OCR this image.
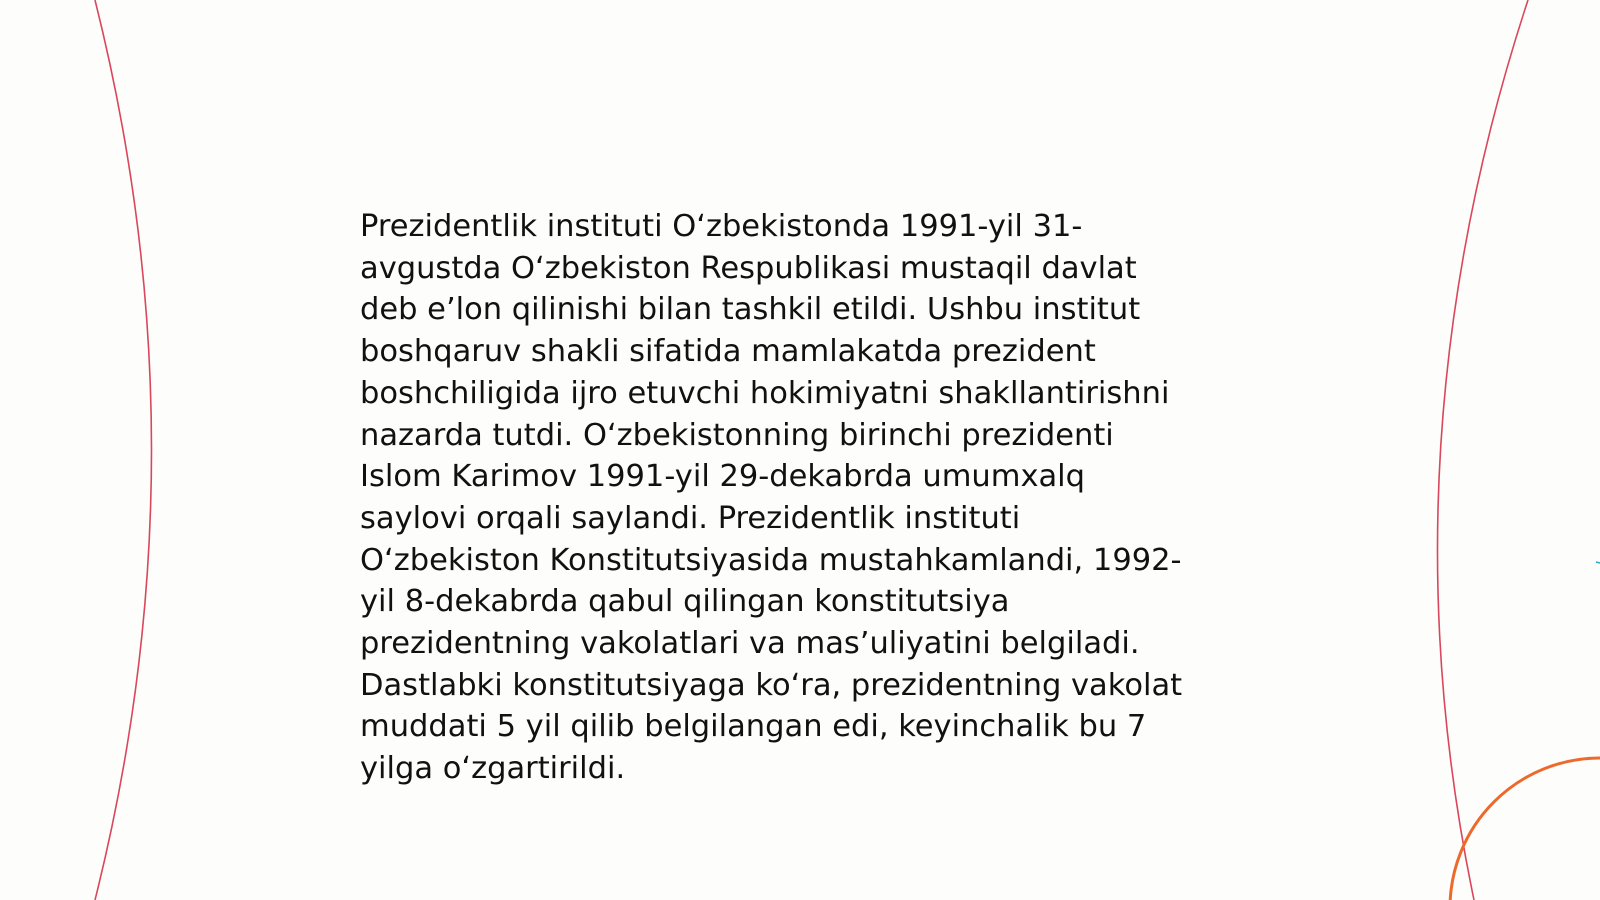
Prezidentlik instituti O‘zbekistonda 1991-yil 31-
avgustda O‘zbekiston Respublikasi mustaqil davlat
deb e’lon qilinishi bilan tashkil etildi. Ushbu institut
boshqaruv shakli sifatida mamlakatda prezident
boshchiligida ijro etuvchi hokimiyatni shakllantirishni
nazarda tutdi. O‘zbekistonning birinchi prezidenti
Islom Karimov 1991-yil 29-dekabrda umumxalq
saylovi orqali saylandi. Prezidentlik instituti
O‘zbekiston Konstitutsiyasida mustahkamlandi, 1992-
yil 8-dekabrda qabul qilingan konstitutsiya
prezidentning vakolatlari va mas’uliyatini belgiladi.
Dastlabki konstitutsiyaga ko‘ra, prezidentning vakolat
muddati 5 yil qilib belgilangan edi, keyinchalik bu 7
yilga o‘zgartirildi.
